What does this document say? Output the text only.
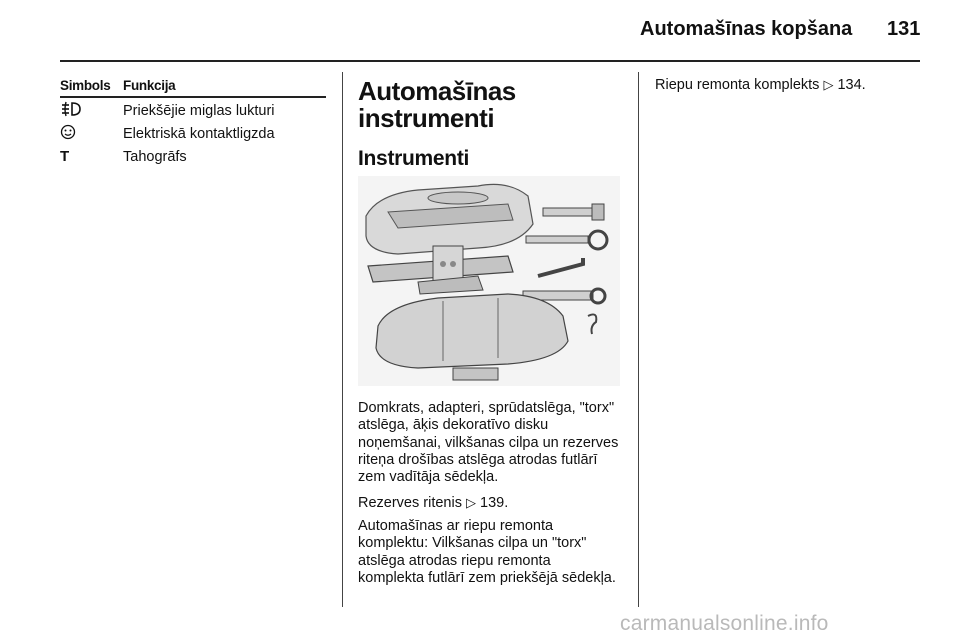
Automašīnas kopšana 131
Simbols Funkcija
Priekšējie miglas lukturi
Elektriskā kontaktligzda
T	Tahogrāfs
Automašīnas instrumenti
Instrumenti

Domkrats, adapteri, sprūdatslēga, "torx" atslēga, āķis dekoratīvo disku noņemšanai, vilkšanas cilpa un rezerves riteņa drošības atslēga atrodas futlārī zem vadītāja sēdekļa.

Rezerves ritenis ▷ 139.

Automašīnas ar riepu remonta komplektu: Vilkšanas cilpa un "torx" atslēga atrodas riepu remonta komplekta futlārī zem priekšējā sēdekļa.

Riepu remonta komplekts ▷ 134.
carmanualsonline.info
